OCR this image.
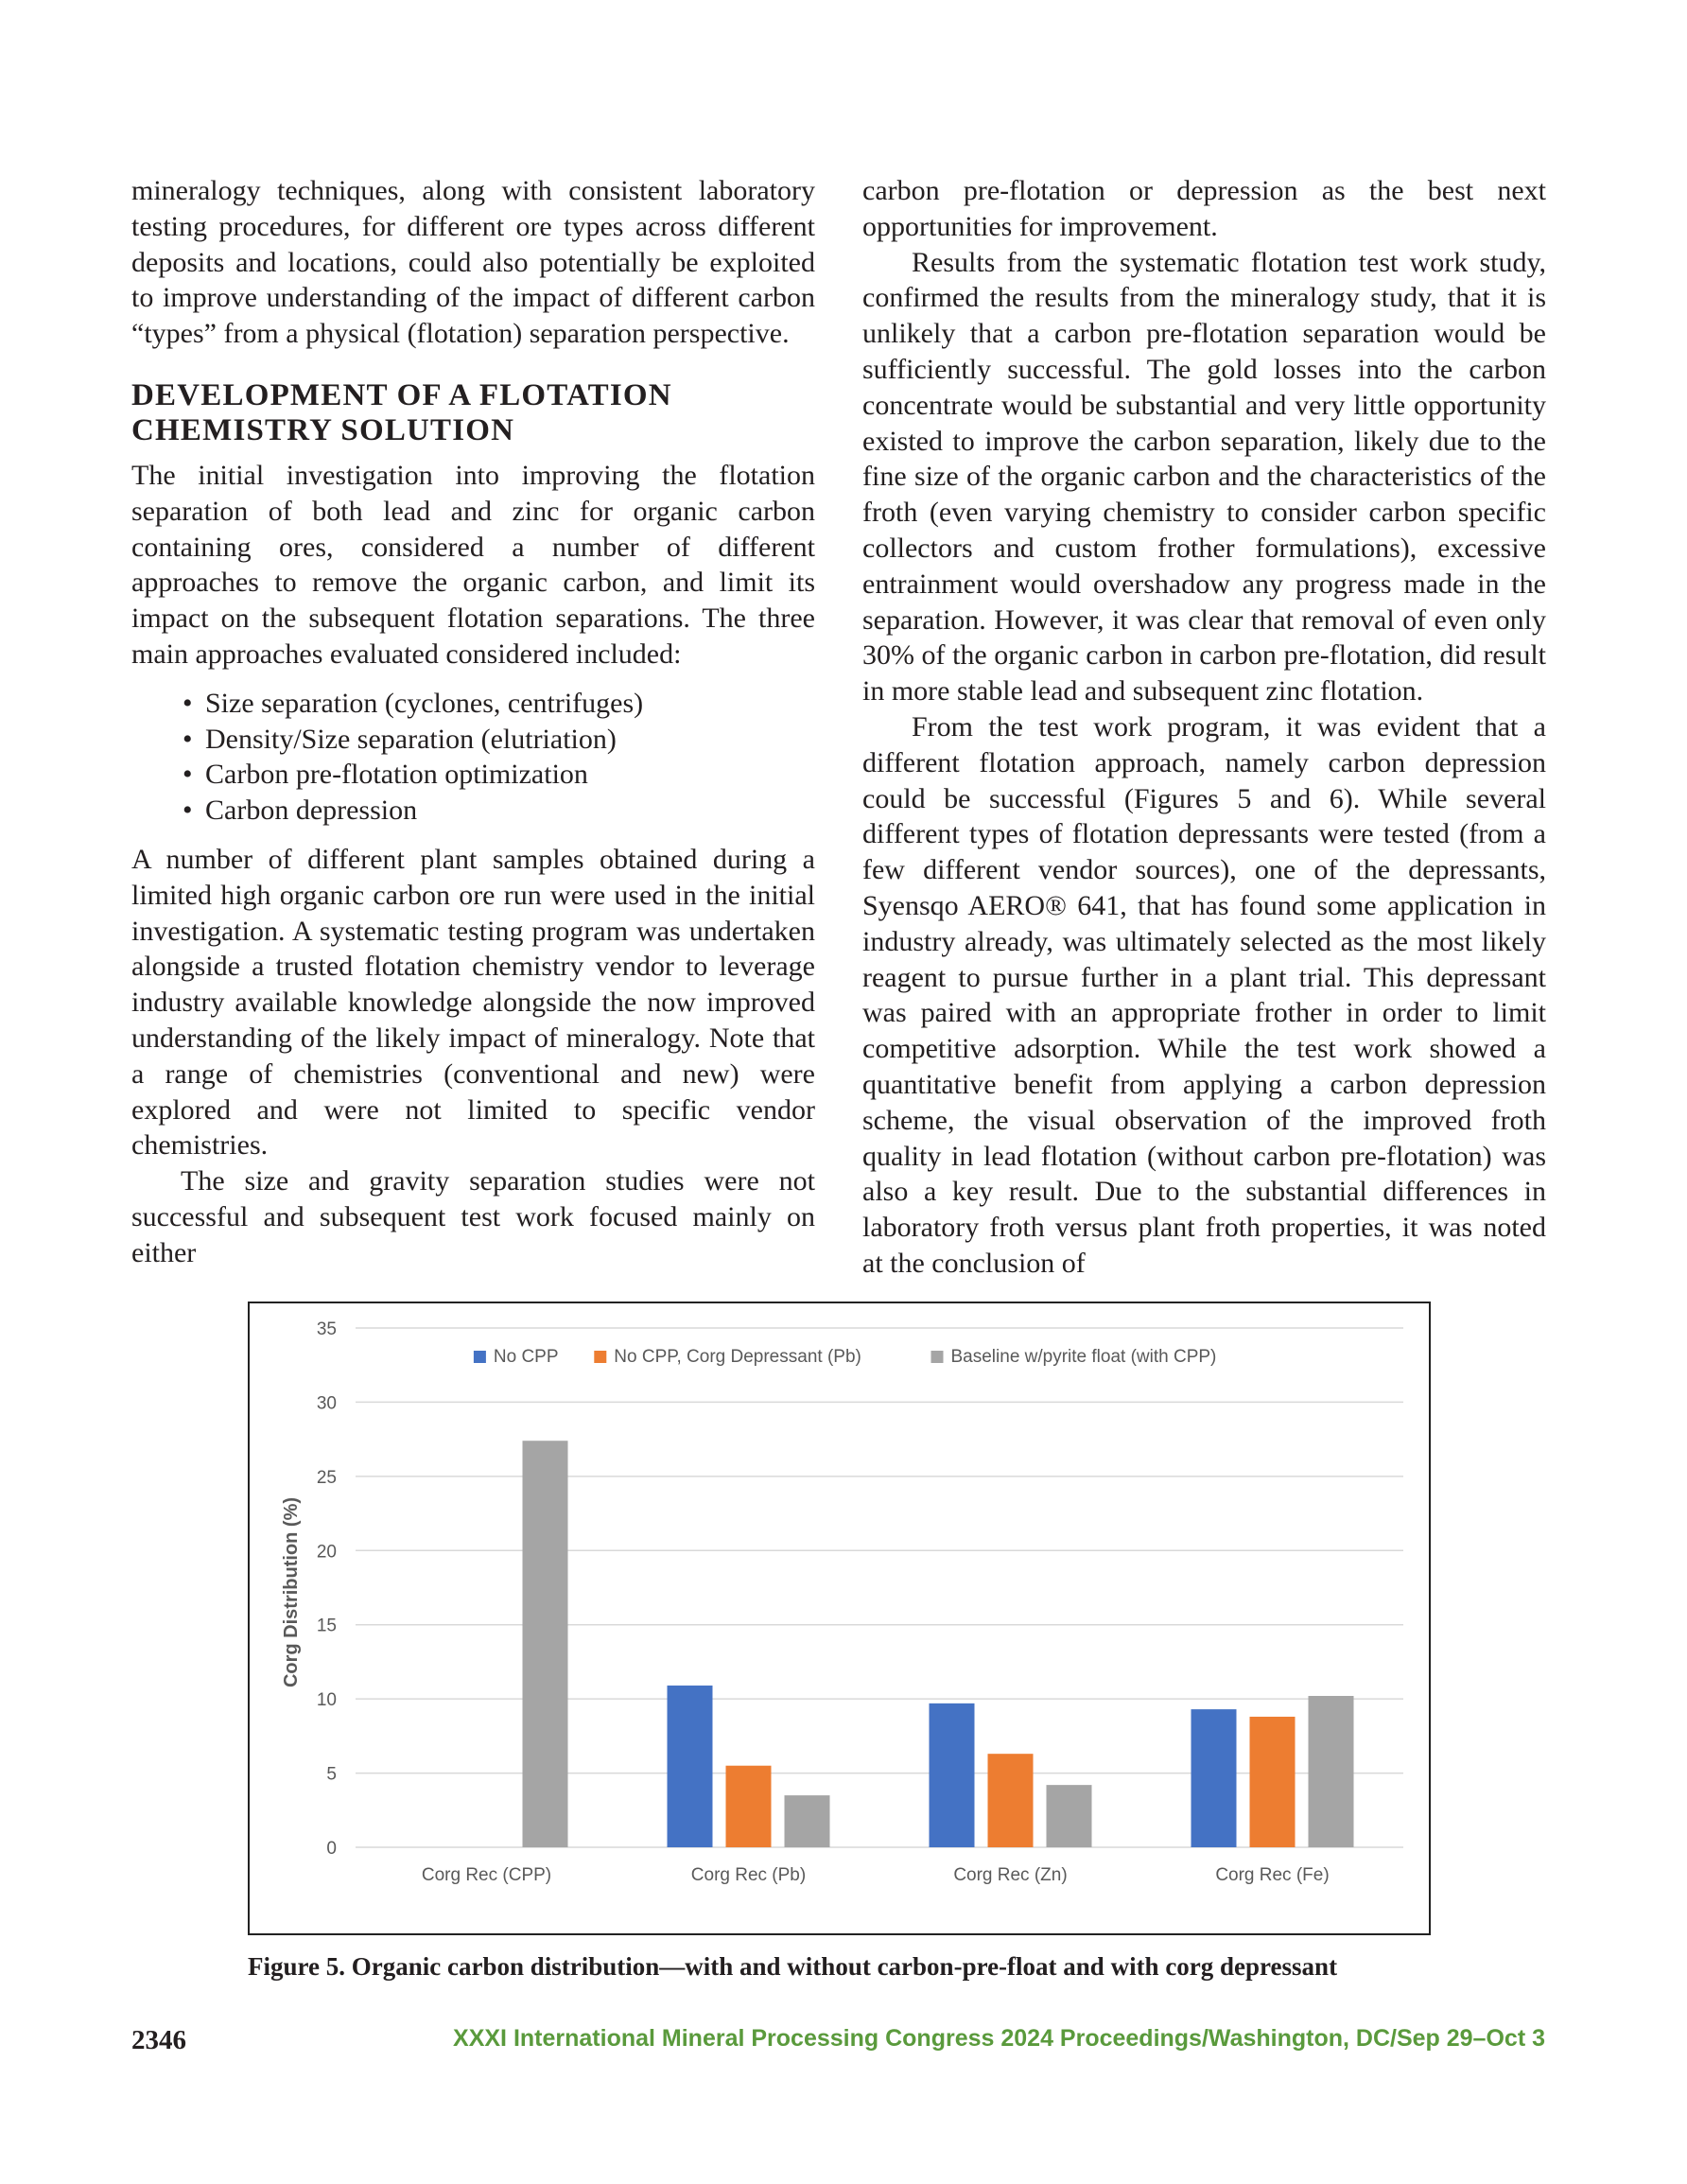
mineralogy techniques, along with consistent laboratory testing procedures, for different ore types across different deposits and locations, could also potentially be exploited to improve understanding of the impact of different carbon “types” from a physical (flotation) separation perspective.

DEVELOPMENT OF A FLOTATION CHEMISTRY SOLUTION

The initial investigation into improving the flotation separation of both lead and zinc for organic carbon containing ores, considered a number of different approaches to remove the organic carbon, and limit its impact on the subsequent flotation separations. The three main approaches evaluated considered included:

• Size separation (cyclones, centrifuges)
• Density/Size separation (elutriation)
• Carbon pre-flotation optimization
• Carbon depression

A number of different plant samples obtained during a limited high organic carbon ore run were used in the initial investigation. A systematic testing program was undertaken alongside a trusted flotation chemistry vendor to leverage industry available knowledge alongside the now improved understanding of the likely impact of mineralogy. Note that a range of chemistries (conventional and new) were explored and were not limited to specific vendor chemistries.

The size and gravity separation studies were not successful and subsequent test work focused mainly on either

carbon pre-flotation or depression as the best next opportunities for improvement.

Results from the systematic flotation test work study, confirmed the results from the mineralogy study, that it is unlikely that a carbon pre-flotation separation would be sufficiently successful. The gold losses into the carbon concentrate would be substantial and very little opportunity existed to improve the carbon separation, likely due to the fine size of the organic carbon and the characteristics of the froth (even varying chemistry to consider carbon specific collectors and custom frother formulations), excessive entrainment would overshadow any progress made in the separation. However, it was clear that removal of even only 30% of the organic carbon in carbon pre-flotation, did result in more stable lead and subsequent zinc flotation.

From the test work program, it was evident that a different flotation approach, namely carbon depression could be successful (Figures 5 and 6). While several different types of flotation depressants were tested (from a few different vendor sources), one of the depressants, Syensqo AERO® 641, that has found some application in industry already, was ultimately selected as the most likely reagent to pursue further in a plant trial. This depressant was paired with an appropriate frother in order to limit competitive adsorption. While the test work showed a quantitative benefit from applying a carbon depression scheme, the visual observation of the improved froth quality in lead flotation (without carbon pre-flotation) was also a key result. Due to the substantial differences in laboratory froth versus plant froth properties, it was noted at the conclusion of

0
5
10
15
20
25
30
35
Corg Distribution (%)
Corg Rec (CPP)	Corg Rec (Pb)	Corg Rec (Zn)	Corg Rec (Fe)
No CPP	No CPP, Corg Depressant (Pb)	Baseline w/pyrite float (with CPP)
Figure 5. Organic carbon distribution—with and without carbon-pre-float and with corg depressant
2346	XXXI International Mineral Processing Congress 2024 Proceedings/Washington, DC/Sep 29–Oct 3
